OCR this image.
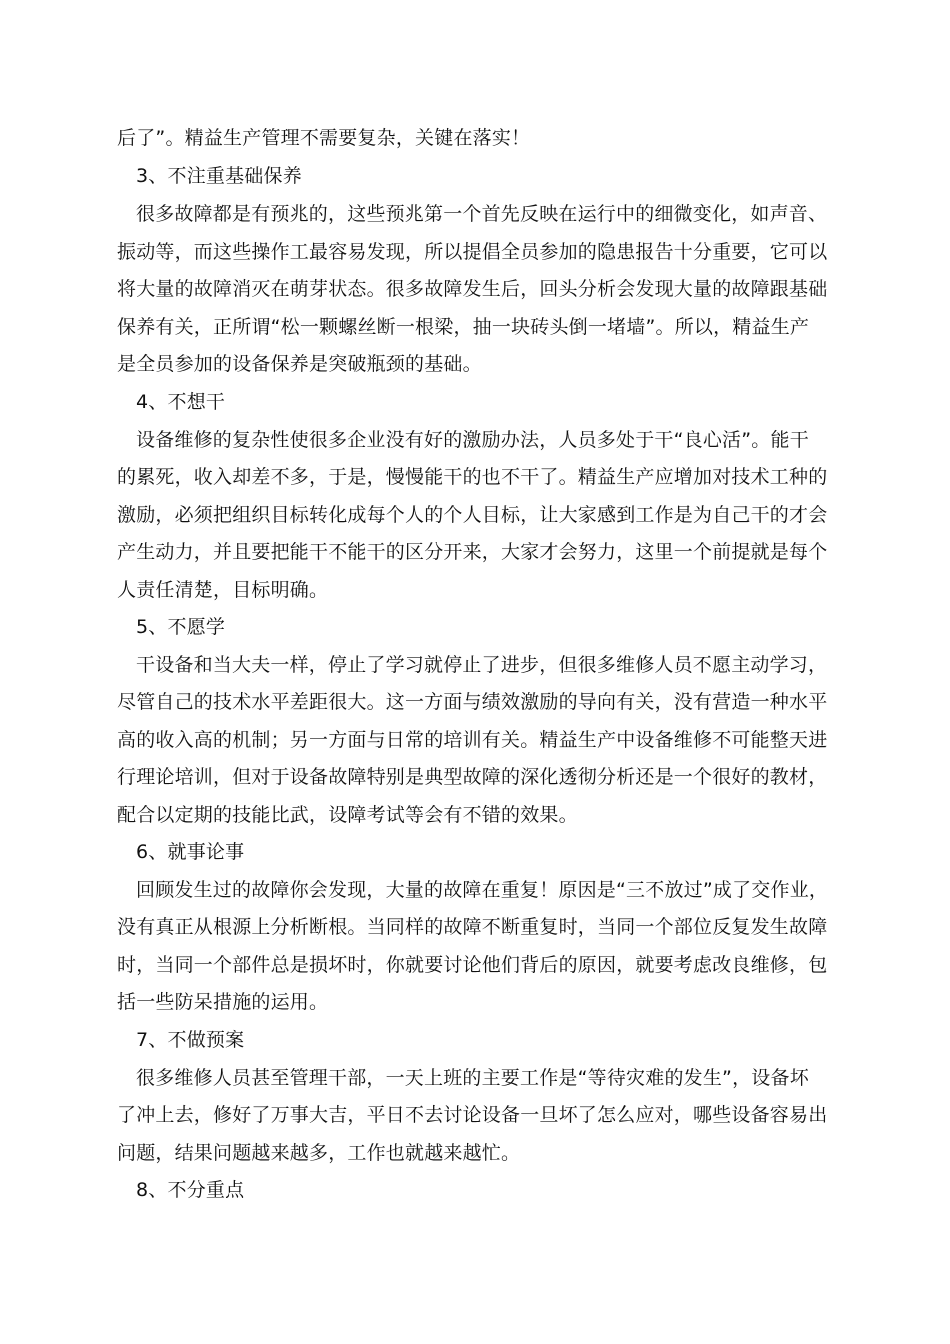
后了”。精益生产管理不需要复杂，关键在落实！
3、不注重基础保养
很多故障都是有预兆的，这些预兆第一个首先反映在运行中的细微变化，如声音、
振动等，而这些操作工最容易发现，所以提倡全员参加的隐患报告十分重要，它可以
将大量的故障消灭在萌芽状态。很多故障发生后，回头分析会发现大量的故障跟基础
保养有关，正所谓“松一颗螺丝断一根梁，抽一块砖头倒一堵墙”。所以，精益生产
是全员参加的设备保养是突破瓶颈的基础。
4、不想干
设备维修的复杂性使很多企业没有好的激励办法，人员多处于干“良心活”。能干
的累死，收入却差不多，于是，慢慢能干的也不干了。精益生产应增加对技术工种的
激励，必须把组织目标转化成每个人的个人目标，让大家感到工作是为自己干的才会
产生动力，并且要把能干不能干的区分开来，大家才会努力，这里一个前提就是每个
人责任清楚，目标明确。
5、不愿学
干设备和当大夫一样，停止了学习就停止了进步，但很多维修人员不愿主动学习，
尽管自己的技术水平差距很大。这一方面与绩效激励的导向有关，没有营造一种水平
高的收入高的机制；另一方面与日常的培训有关。精益生产中设备维修不可能整天进
行理论培训，但对于设备故障特别是典型故障的深化透彻分析还是一个很好的教材，
配合以定期的技能比武，设障考试等会有不错的效果。
6、就事论事
回顾发生过的故障你会发现，大量的故障在重复！原因是“三不放过”成了交作业，
没有真正从根源上分析断根。当同样的故障不断重复时，当同一个部位反复发生故障
时，当同一个部件总是损坏时，你就要讨论他们背后的原因，就要考虑改良维修，包
括一些防呆措施的运用。
7、不做预案
很多维修人员甚至管理干部，一天上班的主要工作是“等待灾难的发生”，设备坏
了冲上去，修好了万事大吉，平日不去讨论设备一旦坏了怎么应对，哪些设备容易出
问题，结果问题越来越多，工作也就越来越忙。
8、不分重点
